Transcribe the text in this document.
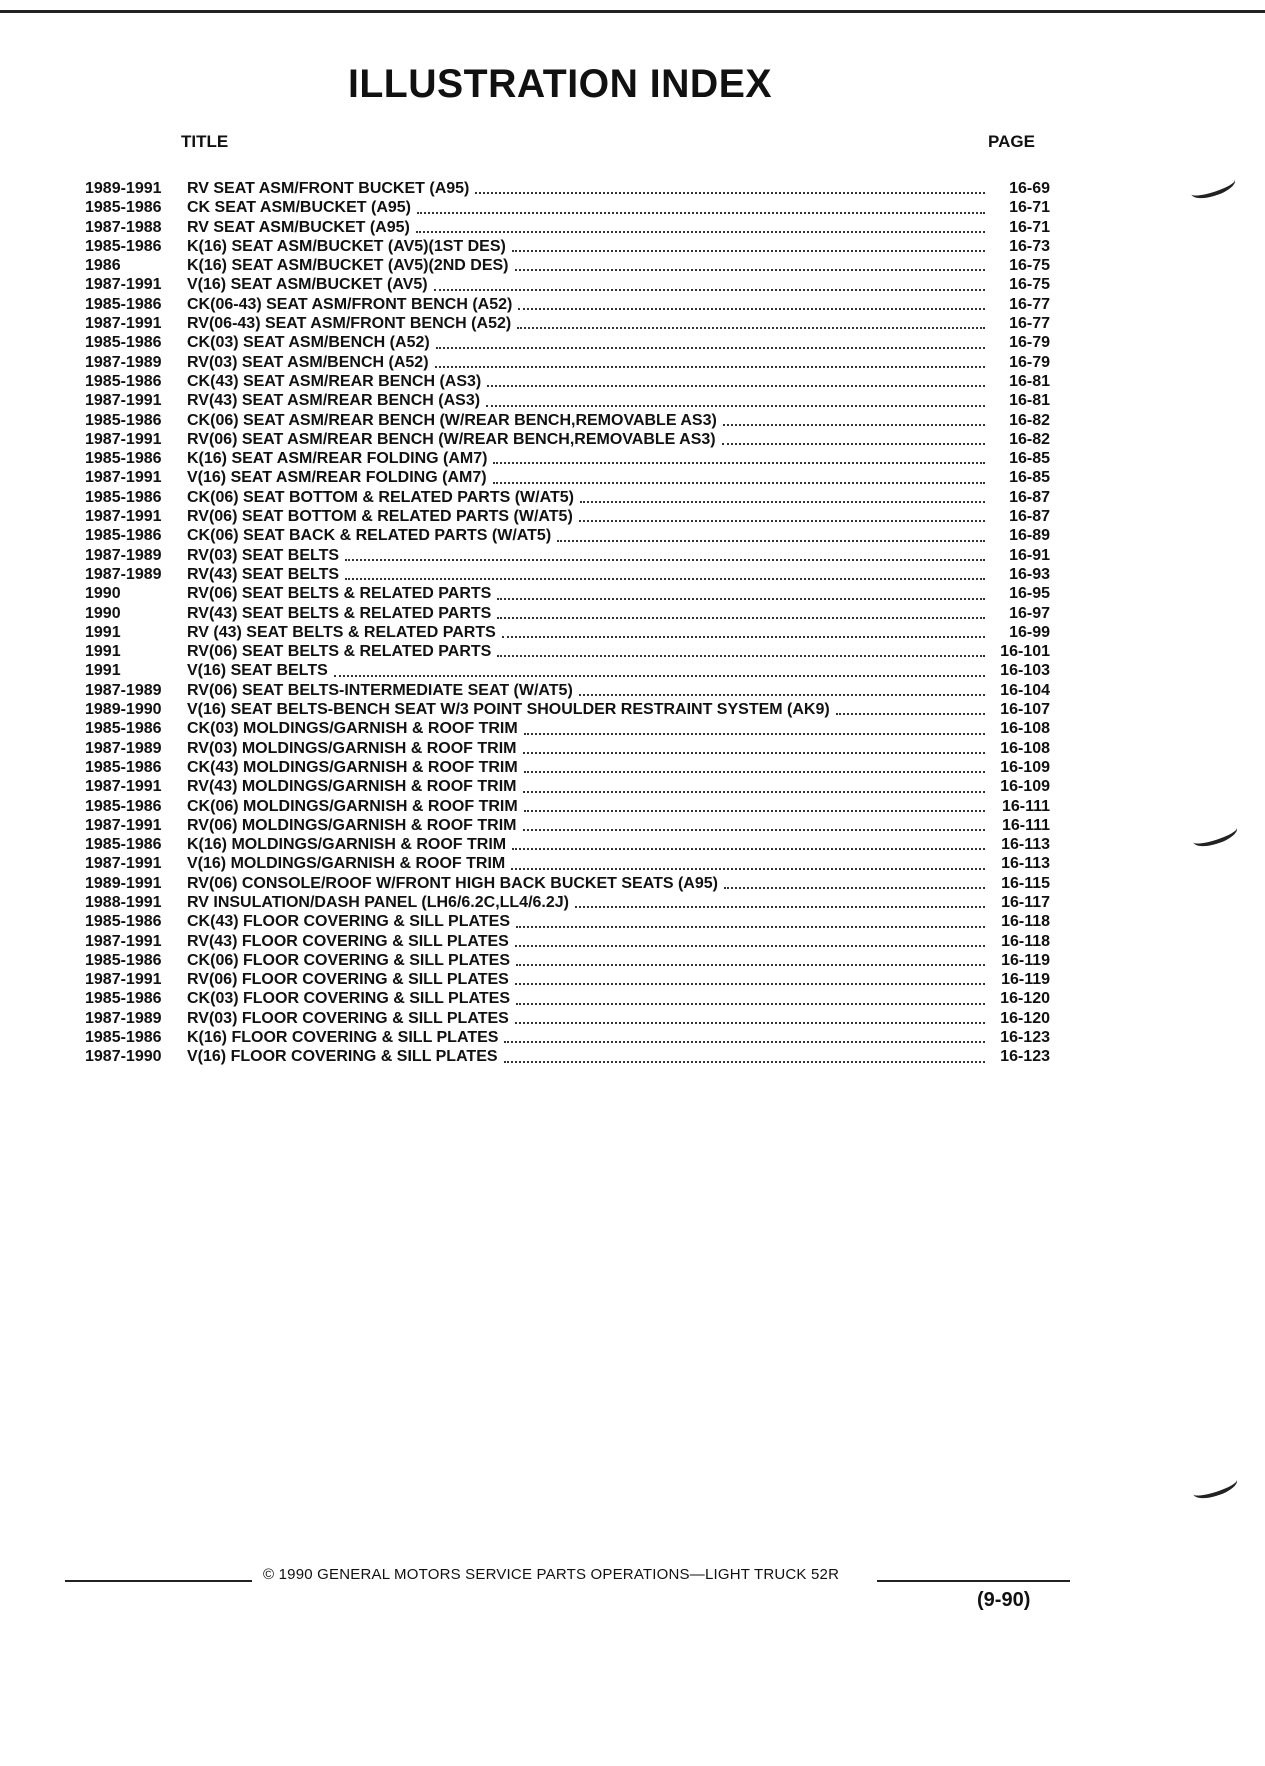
ILLUSTRATION INDEX
TITLE	PAGE
1989-1991	RV SEAT ASM/FRONT BUCKET (A95)	16-69
1985-1986	CK SEAT ASM/BUCKET (A95)	16-71
1987-1988	RV SEAT ASM/BUCKET (A95)	16-71
1985-1986	K(16) SEAT ASM/BUCKET (AV5)(1ST DES)	16-73
1986	K(16) SEAT ASM/BUCKET (AV5)(2ND DES)	16-75
1987-1991	V(16) SEAT ASM/BUCKET (AV5)	16-75
1985-1986	CK(06-43) SEAT ASM/FRONT BENCH (A52)	16-77
1987-1991	RV(06-43) SEAT ASM/FRONT BENCH (A52)	16-77
1985-1986	CK(03) SEAT ASM/BENCH (A52)	16-79
1987-1989	RV(03) SEAT ASM/BENCH (A52)	16-79
1985-1986	CK(43) SEAT ASM/REAR BENCH (AS3)	16-81
1987-1991	RV(43) SEAT ASM/REAR BENCH (AS3)	16-81
1985-1986	CK(06) SEAT ASM/REAR BENCH (W/REAR BENCH,REMOVABLE AS3)	16-82
1987-1991	RV(06) SEAT ASM/REAR BENCH (W/REAR BENCH,REMOVABLE AS3)	16-82
1985-1986	K(16) SEAT ASM/REAR FOLDING (AM7)	16-85
1987-1991	V(16) SEAT ASM/REAR FOLDING (AM7)	16-85
1985-1986	CK(06) SEAT BOTTOM & RELATED PARTS (W/AT5)	16-87
1987-1991	RV(06) SEAT BOTTOM & RELATED PARTS (W/AT5)	16-87
1985-1986	CK(06) SEAT BACK & RELATED PARTS (W/AT5)	16-89
1987-1989	RV(03) SEAT BELTS	16-91
1987-1989	RV(43) SEAT BELTS	16-93
1990	RV(06) SEAT BELTS & RELATED PARTS	16-95
1990	RV(43) SEAT BELTS & RELATED PARTS	16-97
1991	RV (43) SEAT BELTS & RELATED PARTS	16-99
1991	RV(06) SEAT BELTS & RELATED PARTS	16-101
1991	V(16) SEAT BELTS	16-103
1987-1989	RV(06) SEAT BELTS-INTERMEDIATE SEAT (W/AT5)	16-104
1989-1990	V(16) SEAT BELTS-BENCH SEAT W/3 POINT SHOULDER RESTRAINT SYSTEM (AK9)	16-107
1985-1986	CK(03) MOLDINGS/GARNISH & ROOF TRIM	16-108
1987-1989	RV(03) MOLDINGS/GARNISH & ROOF TRIM	16-108
1985-1986	CK(43) MOLDINGS/GARNISH & ROOF TRIM	16-109
1987-1991	RV(43) MOLDINGS/GARNISH & ROOF TRIM	16-109
1985-1986	CK(06) MOLDINGS/GARNISH & ROOF TRIM	16-111
1987-1991	RV(06) MOLDINGS/GARNISH & ROOF TRIM	16-111
1985-1986	K(16) MOLDINGS/GARNISH & ROOF TRIM	16-113
1987-1991	V(16) MOLDINGS/GARNISH & ROOF TRIM	16-113
1989-1991	RV(06) CONSOLE/ROOF W/FRONT HIGH BACK BUCKET SEATS (A95)	16-115
1988-1991	RV INSULATION/DASH PANEL (LH6/6.2C,LL4/6.2J)	16-117
1985-1986	CK(43) FLOOR COVERING & SILL PLATES	16-118
1987-1991	RV(43) FLOOR COVERING & SILL PLATES	16-118
1985-1986	CK(06) FLOOR COVERING & SILL PLATES	16-119
1987-1991	RV(06) FLOOR COVERING & SILL PLATES	16-119
1985-1986	CK(03) FLOOR COVERING & SILL PLATES	16-120
1987-1989	RV(03) FLOOR COVERING & SILL PLATES	16-120
1985-1986	K(16) FLOOR COVERING & SILL PLATES	16-123
1987-1990	V(16) FLOOR COVERING & SILL PLATES	16-123
© 1990 GENERAL MOTORS SERVICE PARTS OPERATIONS—LIGHT TRUCK 52R
(9-90)
